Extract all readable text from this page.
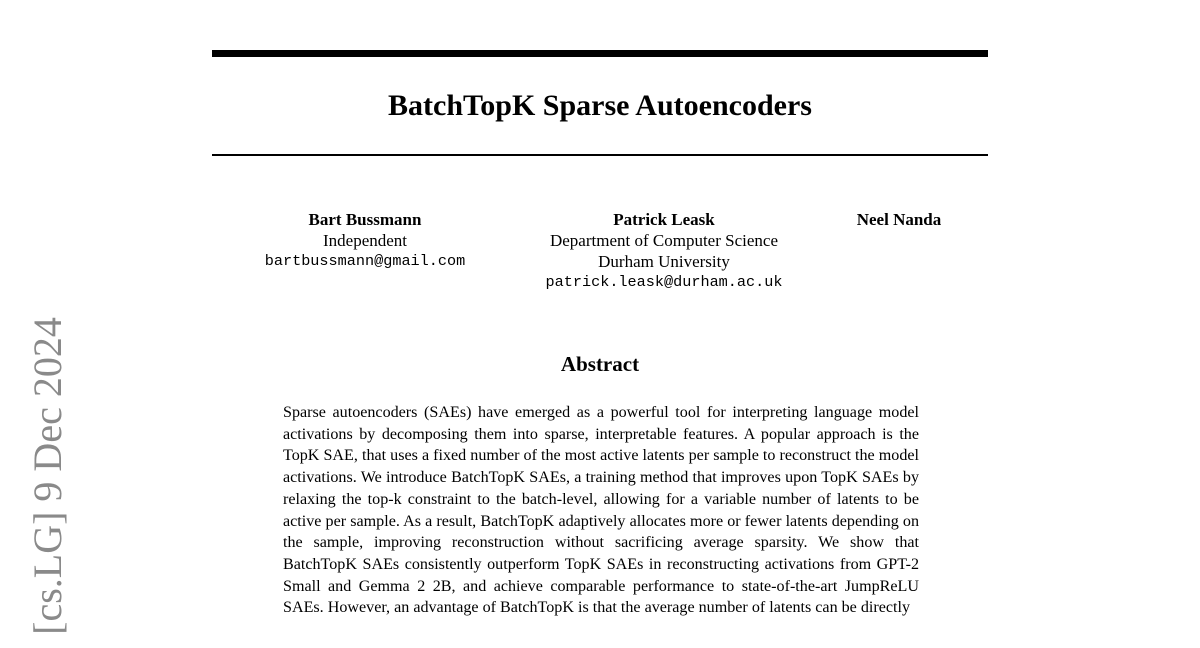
BatchTopK Sparse Autoencoders
Bart Bussmann
Independent
bartbussmann@gmail.com
Patrick Leask
Department of Computer Science
Durham University
patrick.leask@durham.ac.uk
Neel Nanda
Abstract

Sparse autoencoders (SAEs) have emerged as a powerful tool for interpreting language model activations by decomposing them into sparse, interpretable features. A popular approach is the TopK SAE, that uses a fixed number of the most active latents per sample to reconstruct the model activations. We introduce BatchTopK SAEs, a training method that improves upon TopK SAEs by relaxing the top-k constraint to the batch-level, allowing for a variable number of latents to be active per sample. As a result, BatchTopK adaptively allocates more or fewer latents depending on the sample, improving reconstruction without sacrificing average sparsity. We show that BatchTopK SAEs consistently outperform TopK SAEs in reconstructing activations from GPT-2 Small and Gemma 2 2B, and achieve comparable performance to state-of-the-art JumpReLU SAEs. However, an advantage of BatchTopK is that the average number of latents can be directly

[cs.LG] 9 Dec 2024
